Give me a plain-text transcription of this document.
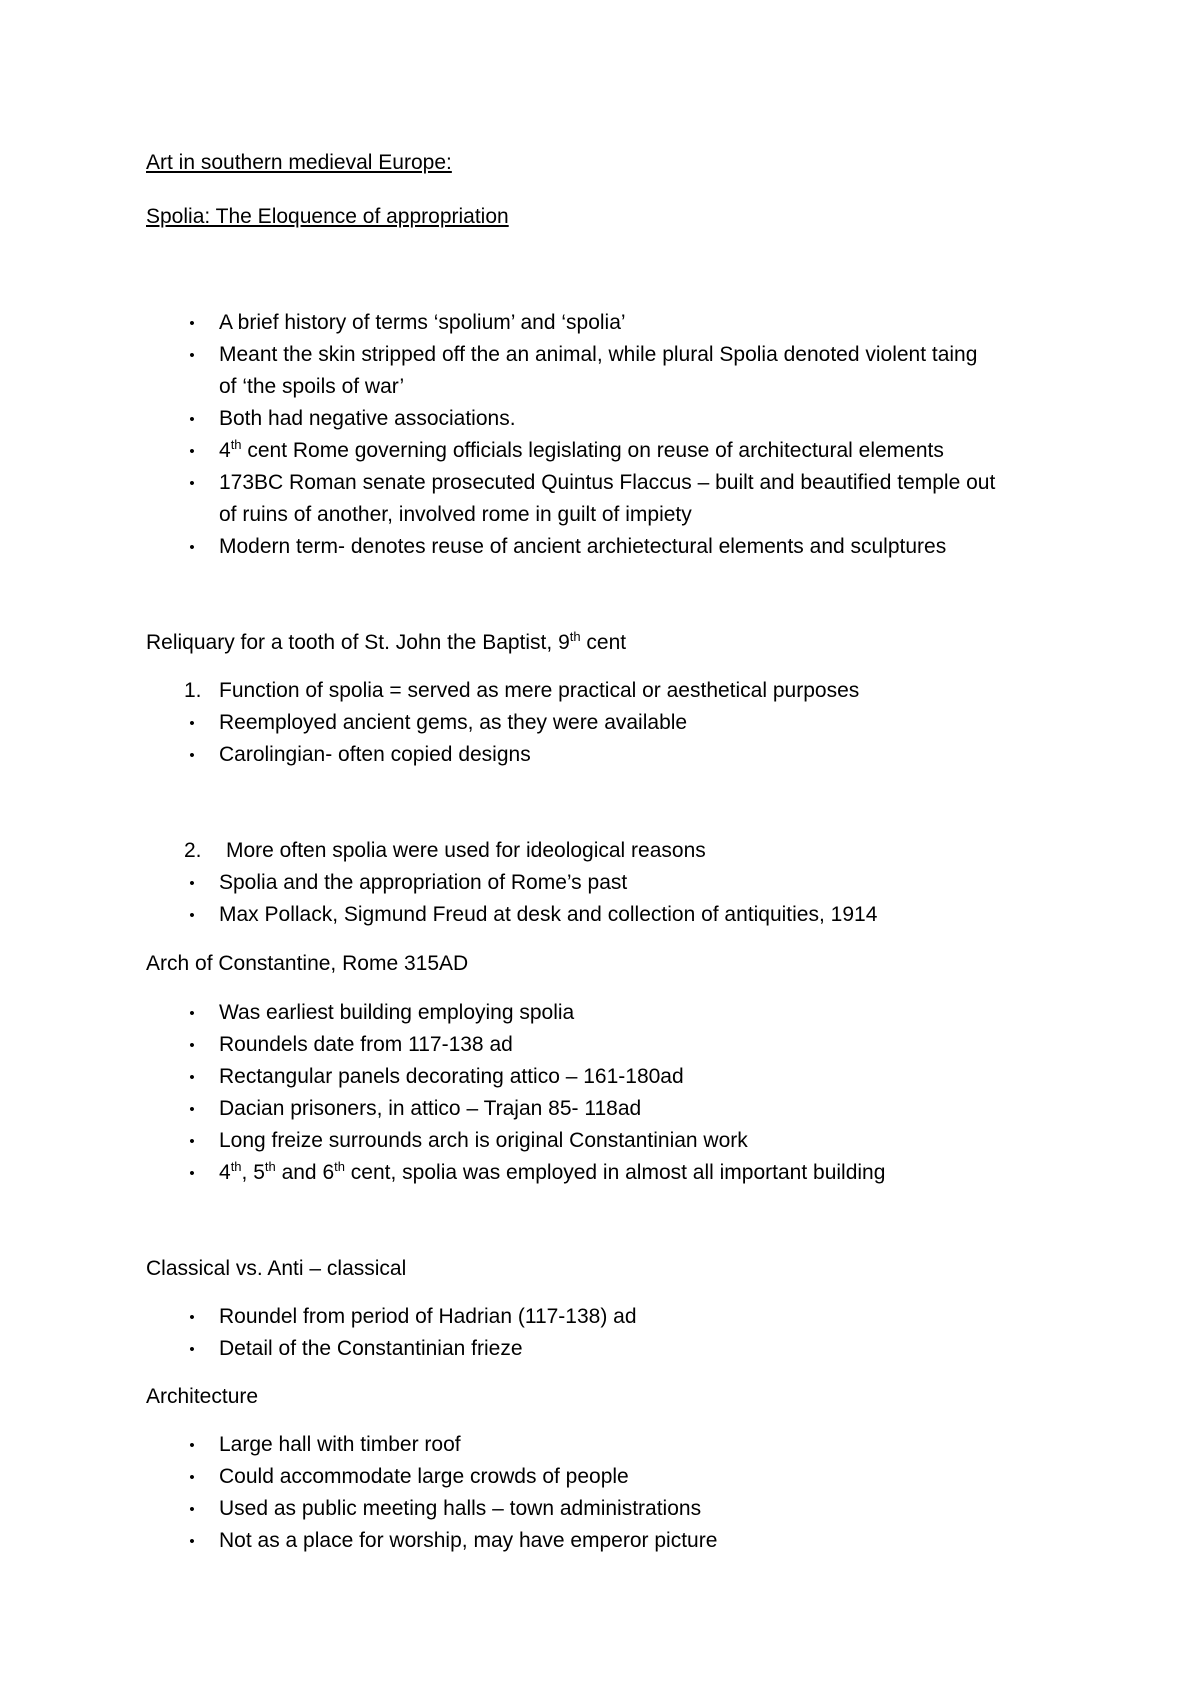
Art in southern medieval Europe:
Spolia: The Eloquence of appropriation
• A brief history of terms ‘spolium’ and ‘spolia’
• Meant the skin stripped off the an animal, while plural Spolia denoted violent taing
of ‘the spoils of war’
• Both had negative associations.
• 4th cent Rome governing officials legislating on reuse of architectural elements
• 173BC Roman senate prosecuted Quintus Flaccus – built and beautified temple out
of ruins of another, involved rome in guilt of impiety
• Modern term- denotes reuse of ancient archietectural elements and sculptures
Reliquary for a tooth of St. John the Baptist, 9th cent
1. Function of spolia = served as mere practical or aesthetical purposes
• Reemployed ancient gems, as they were available
• Carolingian- often copied designs
2.	More often spolia were used for ideological reasons
• Spolia and the appropriation of Rome’s past
• Max Pollack, Sigmund Freud at desk and collection of antiquities, 1914
Arch of Constantine, Rome 315AD
• Was earliest building employing spolia
• Roundels date from 117-138 ad
• Rectangular panels decorating attico – 161-180ad
• Dacian prisoners, in attico – Trajan 85- 118ad
• Long freize surrounds arch is original Constantinian work
• 4th, 5th and 6th cent, spolia was employed in almost all important building
Classical vs. Anti – classical
• Roundel from period of Hadrian (117-138) ad
• Detail of the Constantinian frieze
Architecture
• Large hall with timber roof
• Could accommodate large crowds of people
• Used as public meeting halls – town administrations
• Not as a place for worship, may have emperor picture
